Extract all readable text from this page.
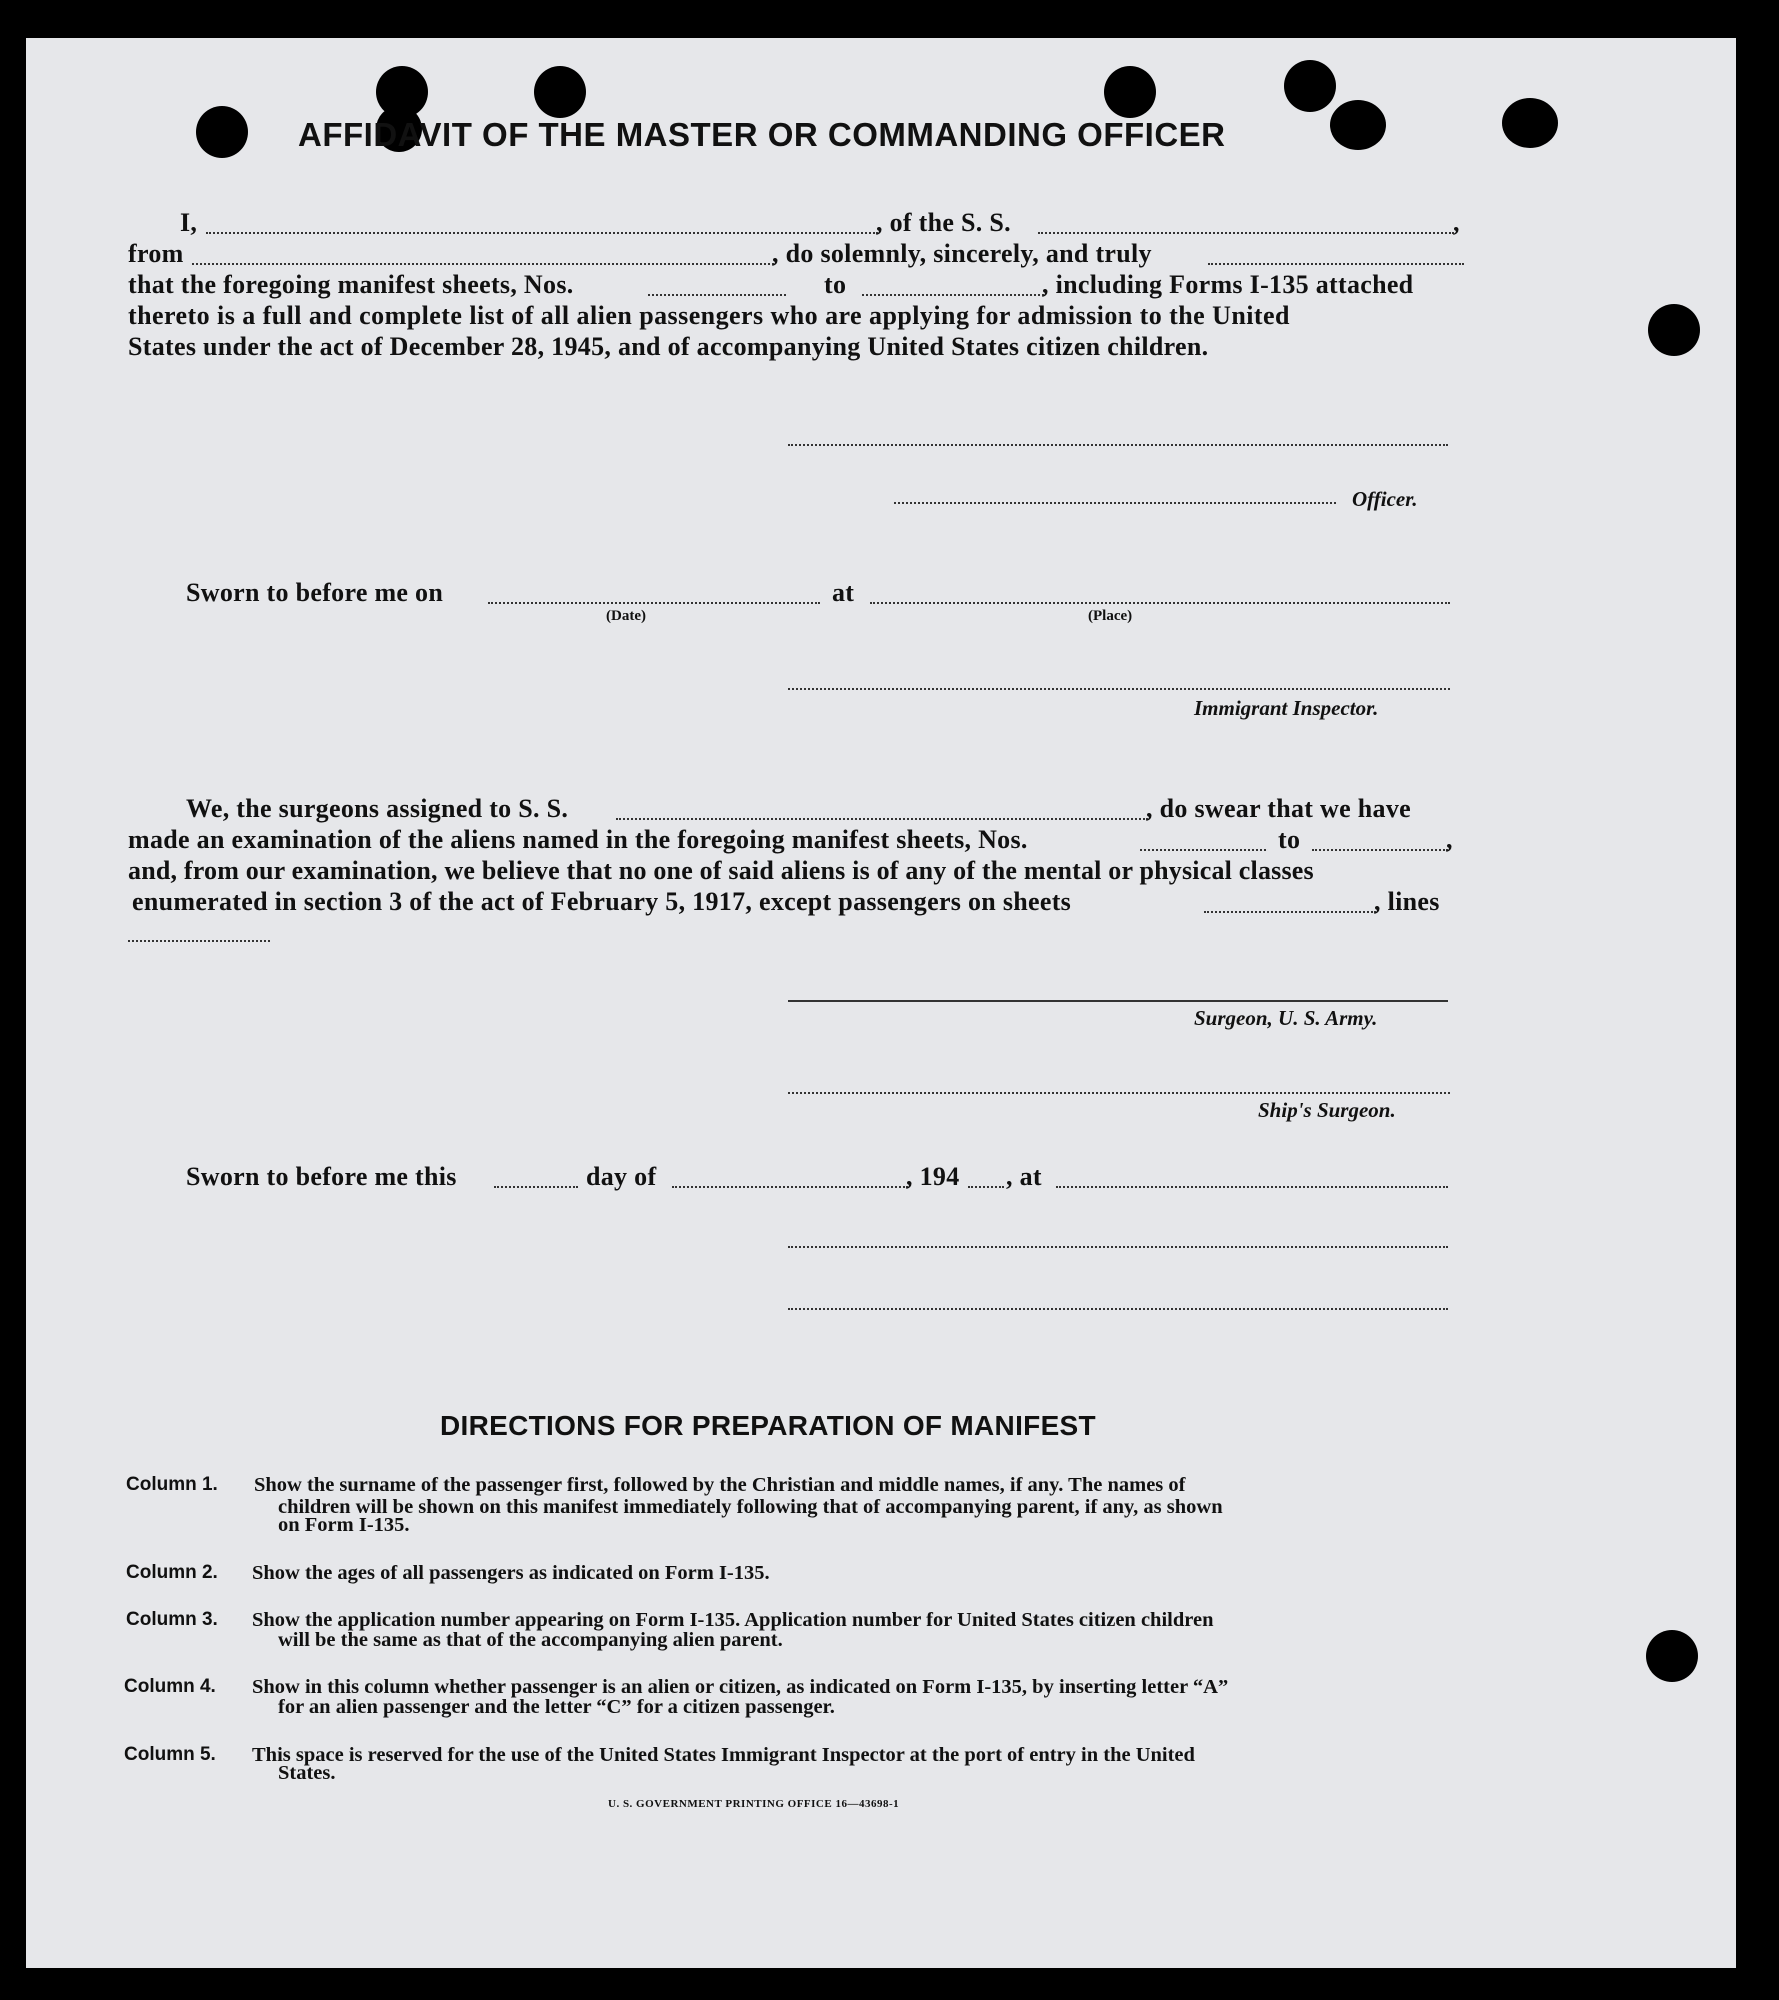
AFFIDAVIT OF THE MASTER OR COMMANDING OFFICER
I,	, of the S. S.	,
from	, do solemnly, sincerely, and truly
that the foregoing manifest sheets, Nos.	to	, including Forms I-135 attached
thereto is a full and complete list of all alien passengers who are applying for admission to the United
States under the act of December 28, 1945, and of accompanying United States citizen children.
Officer.
Sworn to before me on	at
(Date)	(Place)
Immigrant Inspector.
We, the surgeons assigned to S. S.	, do swear that we have
made an examination of the aliens named in the foregoing manifest sheets, Nos.	to	,
and, from our examination, we believe that no one of said aliens is of any of the mental or physical classes
enumerated in section 3 of the act of February 5, 1917, except passengers on sheets	, lines
Surgeon, U. S. Army.
Ship's Surgeon.
Sworn to before me this	day of	, 194 , at
DIRECTIONS FOR PREPARATION OF MANIFEST
Column 1. Show the surname of the passenger first, followed by the Christian and middle names, if any. The names of
children will be shown on this manifest immediately following that of accompanying parent, if any, as shown
on Form I-135.
Column 2. Show the ages of all passengers as indicated on Form I-135.
Column 3. Show the application number appearing on Form I-135. Application number for United States citizen children
will be the same as that of the accompanying alien parent.
Column 4. Show in this column whether passenger is an alien or citizen, as indicated on Form I-135, by inserting letter “A”
for an alien passenger and the letter “C” for a citizen passenger.
Column 5. This space is reserved for the use of the United States Immigrant Inspector at the port of entry in the United
States.
U. S. GOVERNMENT PRINTING OFFICE 16—43698-1
